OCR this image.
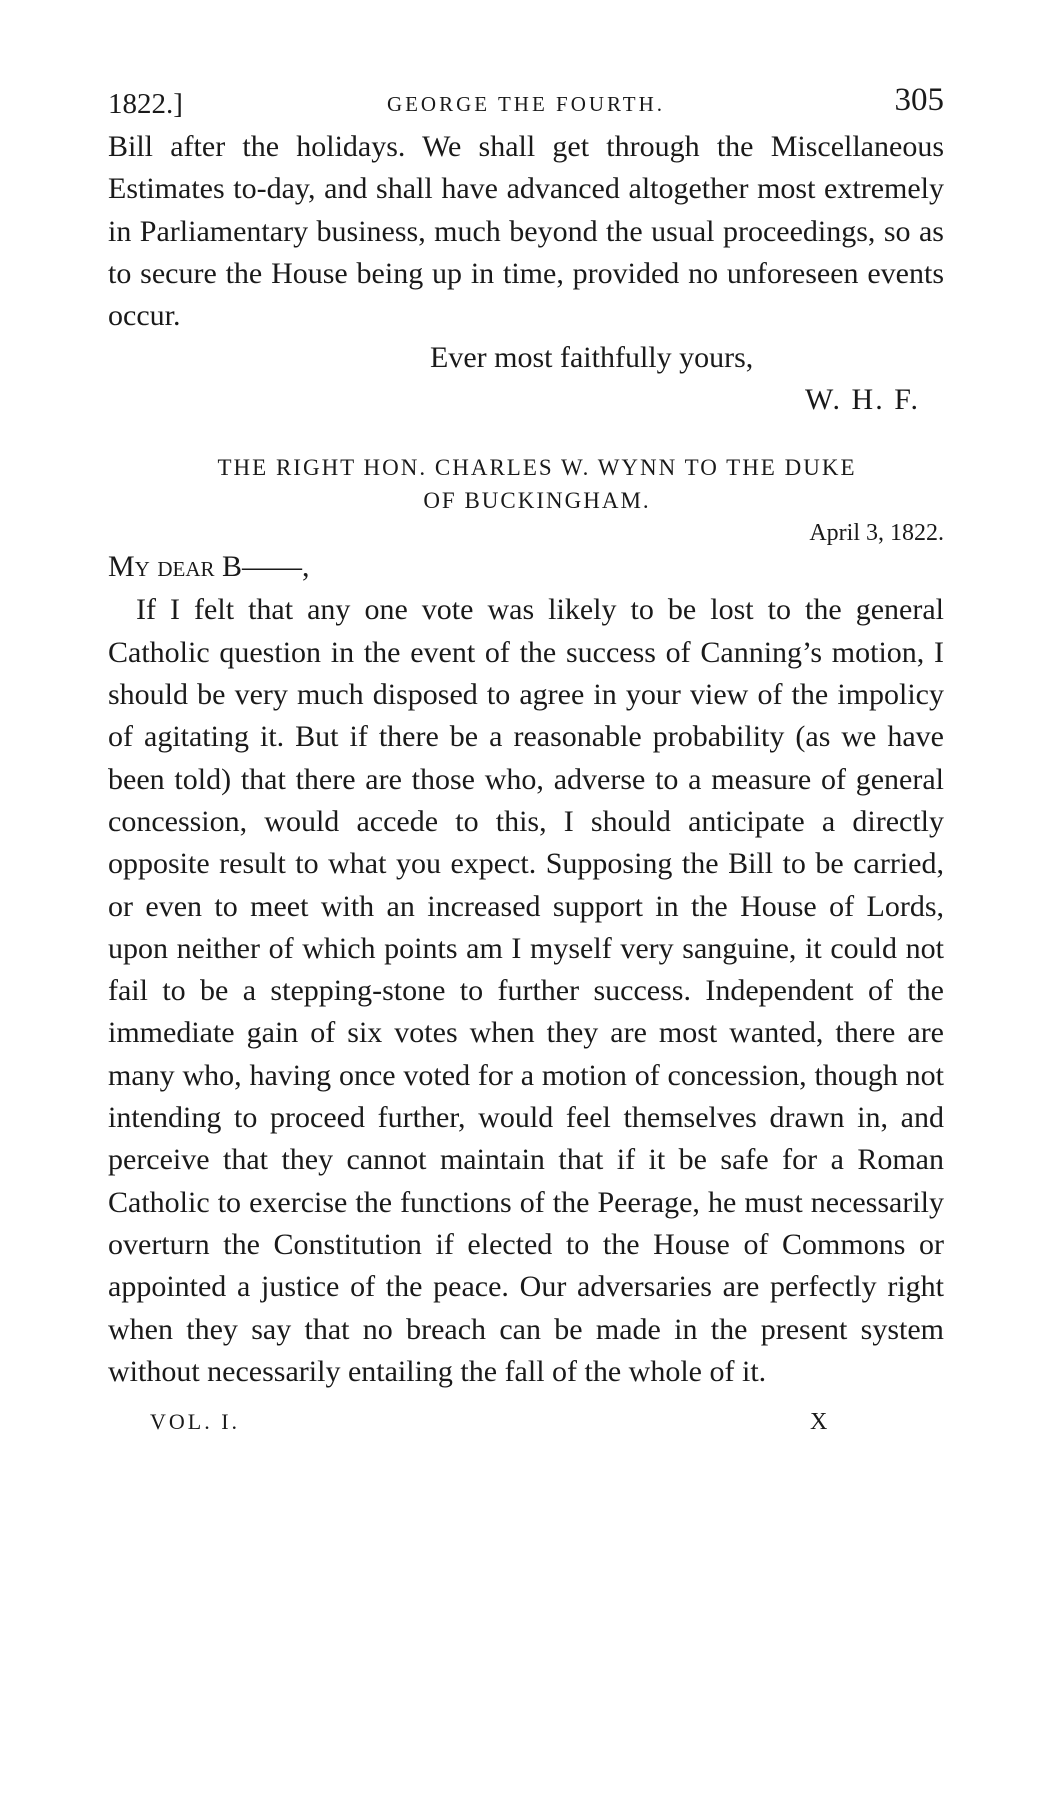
1822.]	GEORGE THE FOURTH.	305

Bill after the holidays. We shall get through the Miscellaneous Estimates to-day, and shall have advanced altogether most extremely in Parliamentary business, much beyond the usual proceedings, so as to secure the House being up in time, provided no unforeseen events occur.

Ever most faithfully yours,
W. H. F.
THE RIGHT HON. CHARLES W. WYNN TO THE DUKE
OF BUCKINGHAM.
April 3, 1822.
My dear B——,

If I felt that any one vote was likely to be lost to the general Catholic question in the event of the success of Canning’s motion, I should be very much disposed to agree in your view of the impolicy of agitating it. But if there be a reasonable probability (as we have been told) that there are those who, adverse to a measure of general concession, would accede to this, I should anticipate a directly opposite result to what you expect. Supposing the Bill to be carried, or even to meet with an increased support in the House of Lords, upon neither of which points am I myself very sanguine, it could not fail to be a stepping-stone to further success. Independent of the immediate gain of six votes when they are most wanted, there are many who, having once voted for a motion of concession, though not intending to proceed further, would feel themselves drawn in, and perceive that they cannot maintain that if it be safe for a Roman Catholic to exercise the functions of the Peerage, he must necessarily overturn the Constitution if elected to the House of Commons or appointed a justice of the peace. Our adversaries are perfectly right when they say that no breach can be made in the present system without necessarily entailing the fall of the whole of it.

VOL. I.	X
